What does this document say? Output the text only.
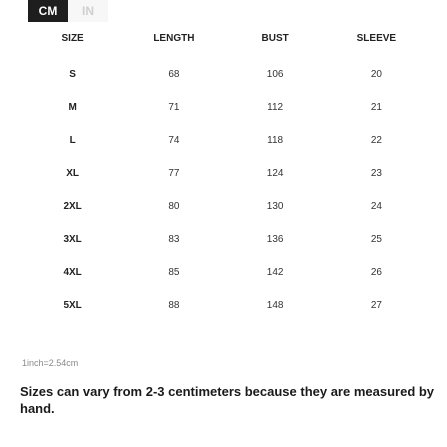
CM	IN
SIZE	LENGTH	BUST	SLEEVE
S	68	106	20
M	71	112	21
L	74	118	22
XL	77	124	23
2XL	80	130	24
3XL	83	136	25
4XL	85	142	26
5XL	88	148	27
1inch=2.54cm
Sizes can vary from 2-3 centimeters because they are measured by hand.
